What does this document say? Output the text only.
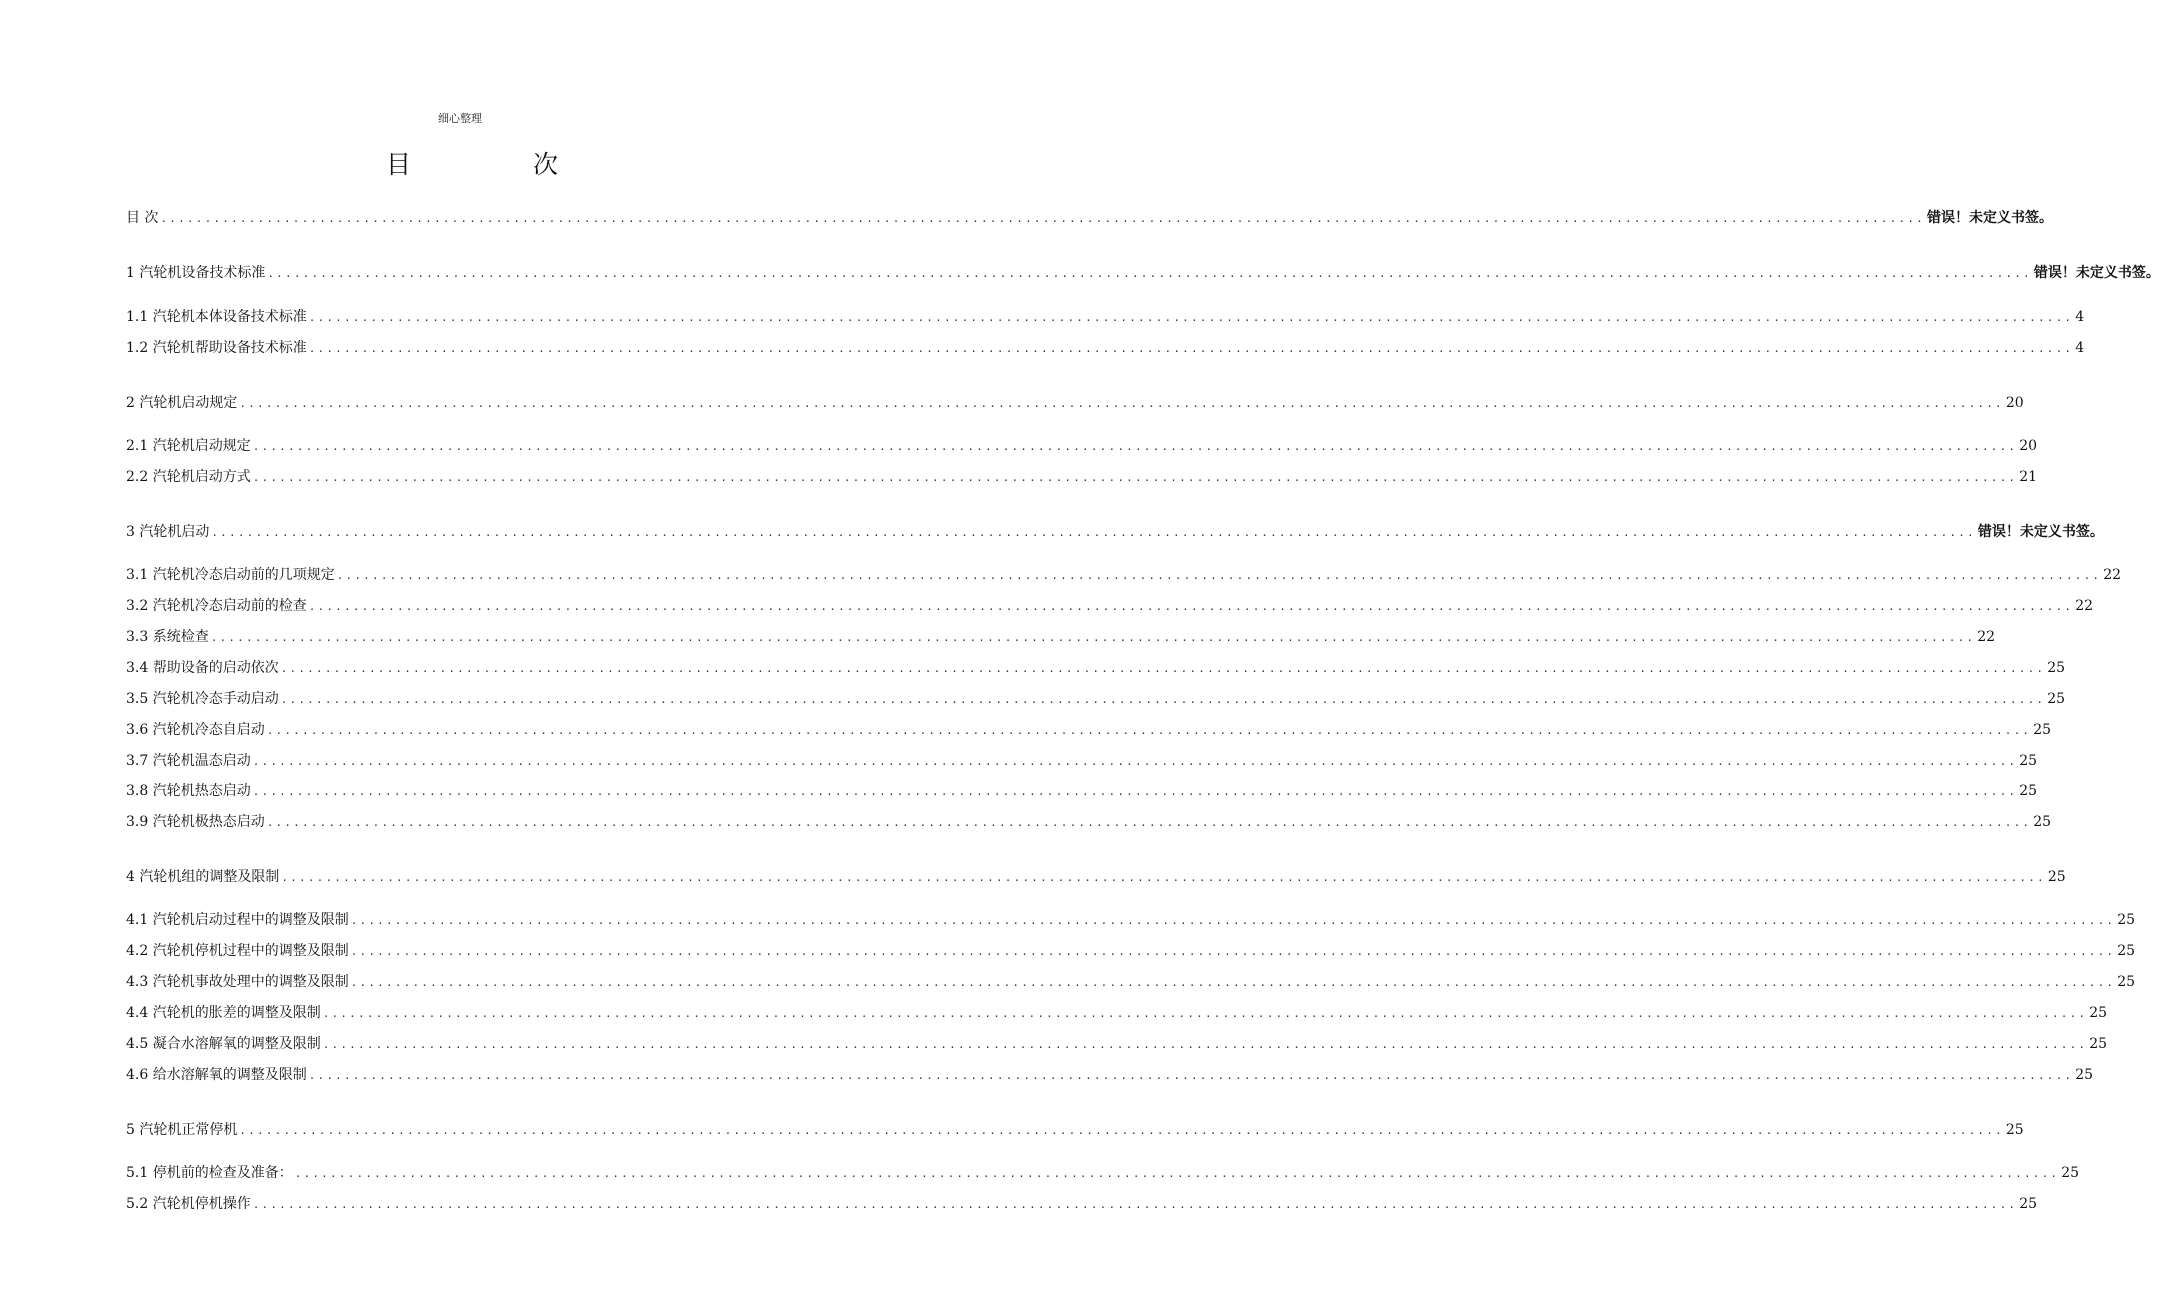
细心整理
目	次
目 次 ........................................................................................................................................................................................................ 错误！未定义书签。
1 汽轮机设备技术标准 ........................................................................................................................................................................................................ 错误！未定义书签。
1.1 汽轮机本体设备技术标准 ........................................................................................................................................................................................................ 4
1.2 汽轮机帮助设备技术标准 ........................................................................................................................................................................................................ 4
2 汽轮机启动规定 ........................................................................................................................................................................................................ 20
2.1 汽轮机启动规定 ........................................................................................................................................................................................................ 20
2.2 汽轮机启动方式 ........................................................................................................................................................................................................ 21
3 汽轮机启动 ........................................................................................................................................................................................................ 错误！未定义书签。
3.1 汽轮机冷态启动前的几项规定 ........................................................................................................................................................................................................ 22
3.2 汽轮机冷态启动前的检查 ........................................................................................................................................................................................................ 22
3.3 系统检查 ........................................................................................................................................................................................................ 22
3.4 帮助设备的启动依次 ........................................................................................................................................................................................................ 25
3.5 汽轮机冷态手动启动 ........................................................................................................................................................................................................ 25
3.6 汽轮机冷态自启动 ........................................................................................................................................................................................................ 25
3.7 汽轮机温态启动 ........................................................................................................................................................................................................ 25
3.8 汽轮机热态启动 ........................................................................................................................................................................................................ 25
3.9 汽轮机极热态启动 ........................................................................................................................................................................................................ 25
4 汽轮机组的调整及限制 ........................................................................................................................................................................................................ 25
4.1 汽轮机启动过程中的调整及限制 ........................................................................................................................................................................................................ 25
4.2 汽轮机停机过程中的调整及限制 ........................................................................................................................................................................................................ 25
4.3 汽轮机事故处理中的调整及限制 ........................................................................................................................................................................................................ 25
4.4 汽轮机的胀差的调整及限制 ........................................................................................................................................................................................................ 25
4.5 凝合水溶解氧的调整及限制 ........................................................................................................................................................................................................ 25
4.6 给水溶解氧的调整及限制 ........................................................................................................................................................................................................ 25
5 汽轮机正常停机 ........................................................................................................................................................................................................ 25
5.1 停机前的检查及准备： ........................................................................................................................................................................................................ 25
5.2 汽轮机停机操作 ........................................................................................................................................................................................................ 25
